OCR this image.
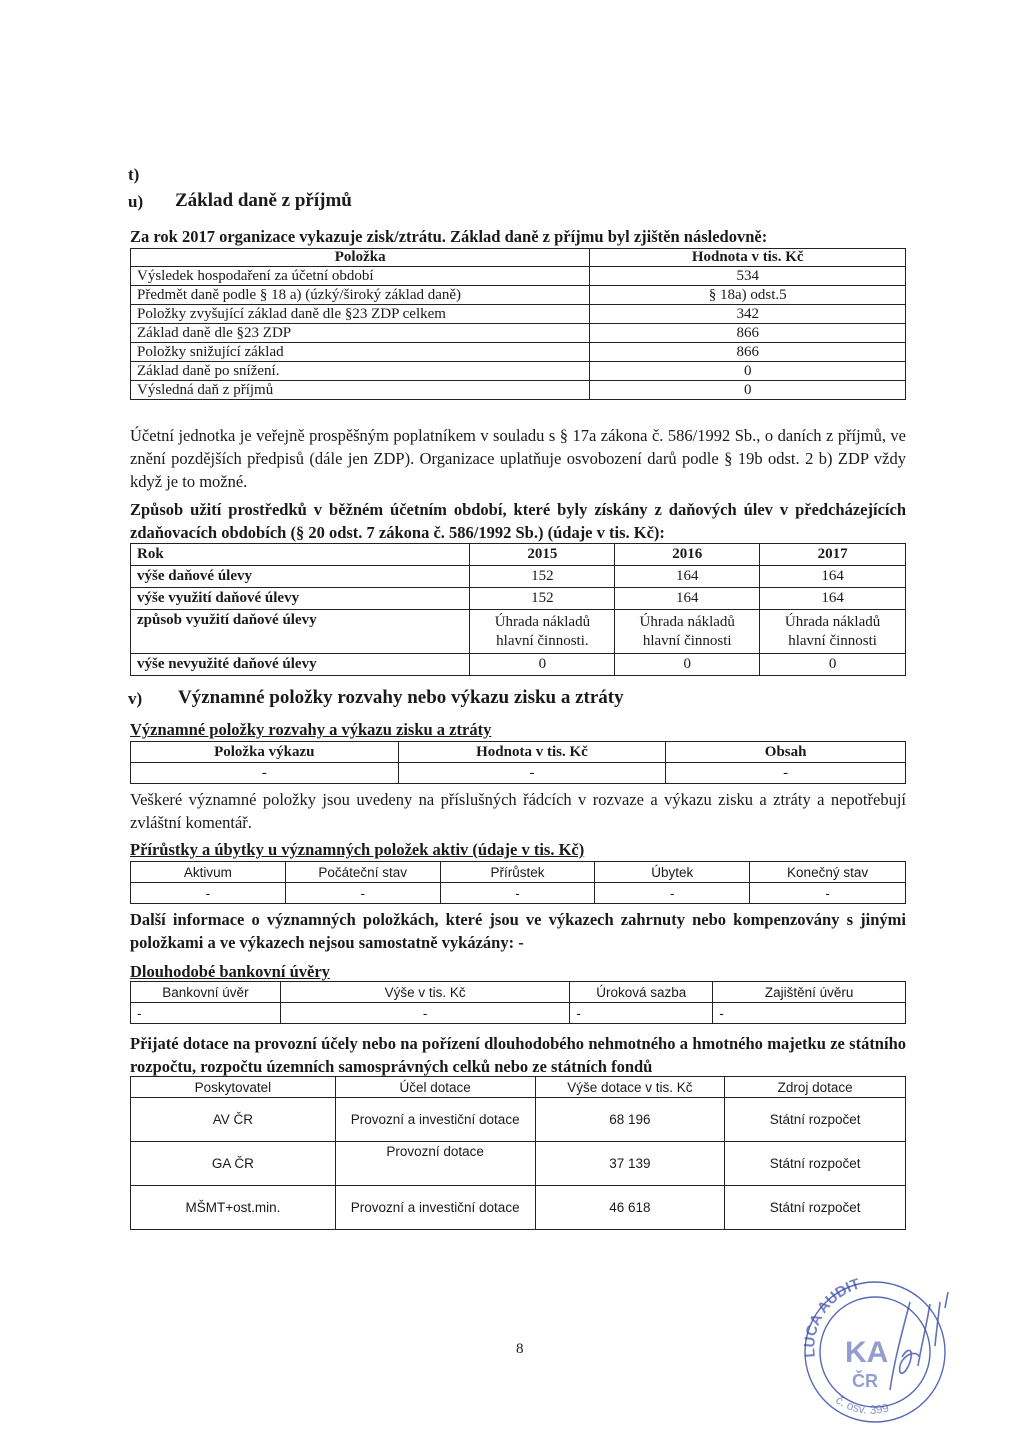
t)
u) Základ daně z příjmů
Za rok 2017 organizace vykazuje zisk/ztrátu. Základ daně z příjmu byl zjištěn následovně:
Položka	Hodnota v tis. Kč
Výsledek hospodaření za účetní období	534
Předmět daně podle § 18 a) (úzký/široký základ daně)	§ 18a) odst.5
Položky zvyšující základ daně dle §23 ZDP celkem	342
Základ daně dle §23 ZDP	866
Položky snižující základ	866
Základ daně po snížení.	0
Výsledná daň z příjmů	0
Účetní jednotka je veřejně prospěšným poplatníkem v souladu s § 17a zákona č. 586/1992 Sb., o daních z příjmů, ve znění pozdějších předpisů (dále jen ZDP). Organizace uplatňuje osvobození darů podle § 19b odst. 2 b) ZDP vždy když je to možné.
Způsob užití prostředků v běžném účetním období, které byly získány z daňových úlev v předcházejících zdaňovacích obdobích (§ 20 odst. 7 zákona č. 586/1992 Sb.) (údaje v tis. Kč):
Rok	2015	2016	2017
výše daňové úlevy	152	164	164
výše využití daňové úlevy	152	164	164
způsob využití daňové úlevy	Úhrada nákladů hlavní činnosti.	Úhrada nákladů hlavní činnosti	Úhrada nákladů hlavní činnosti
výše nevyužité daňové úlevy	0	0	0
v) Významné položky rozvahy nebo výkazu zisku a ztráty
Významné položky rozvahy a výkazu zisku a ztráty
Položka výkazu	Hodnota v tis. Kč	Obsah
-	-	-
Veškeré významné položky jsou uvedeny na příslušných řádcích v rozvaze a výkazu zisku a ztráty a nepotřebují zvláštní komentář.
Přírůstky a úbytky u významných položek aktiv (údaje v tis. Kč)
Aktivum	Počáteční stav	Přírůstek	Úbytek	Konečný stav
-	-	-	-	-
Další informace o významných položkách, které jsou ve výkazech zahrnuty nebo kompenzovány s jinými položkami a ve výkazech nejsou samostatně vykázány: -
Dlouhodobé bankovní úvěry
Bankovní úvěr	Výše v tis. Kč	Úroková sazba	Zajištění úvěru
-	-	-	-
Přijaté dotace na provozní účely nebo na pořízení dlouhodobého nehmotného a hmotného majetku ze státního rozpočtu, rozpočtu územních samosprávných celků nebo ze státních fondů
Poskytovatel	Účel dotace	Výše dotace v tis. Kč	Zdroj dotace
AV ČR	Provozní a investiční dotace	68 196	Státní rozpočet
GA ČR	Provozní dotace	37 139	Státní rozpočet
MŠMT+ost.min.	Provozní a investiční dotace	46 618	Státní rozpočet
8	LUCA AUDIT
KA
ČR
č. osv. 399
